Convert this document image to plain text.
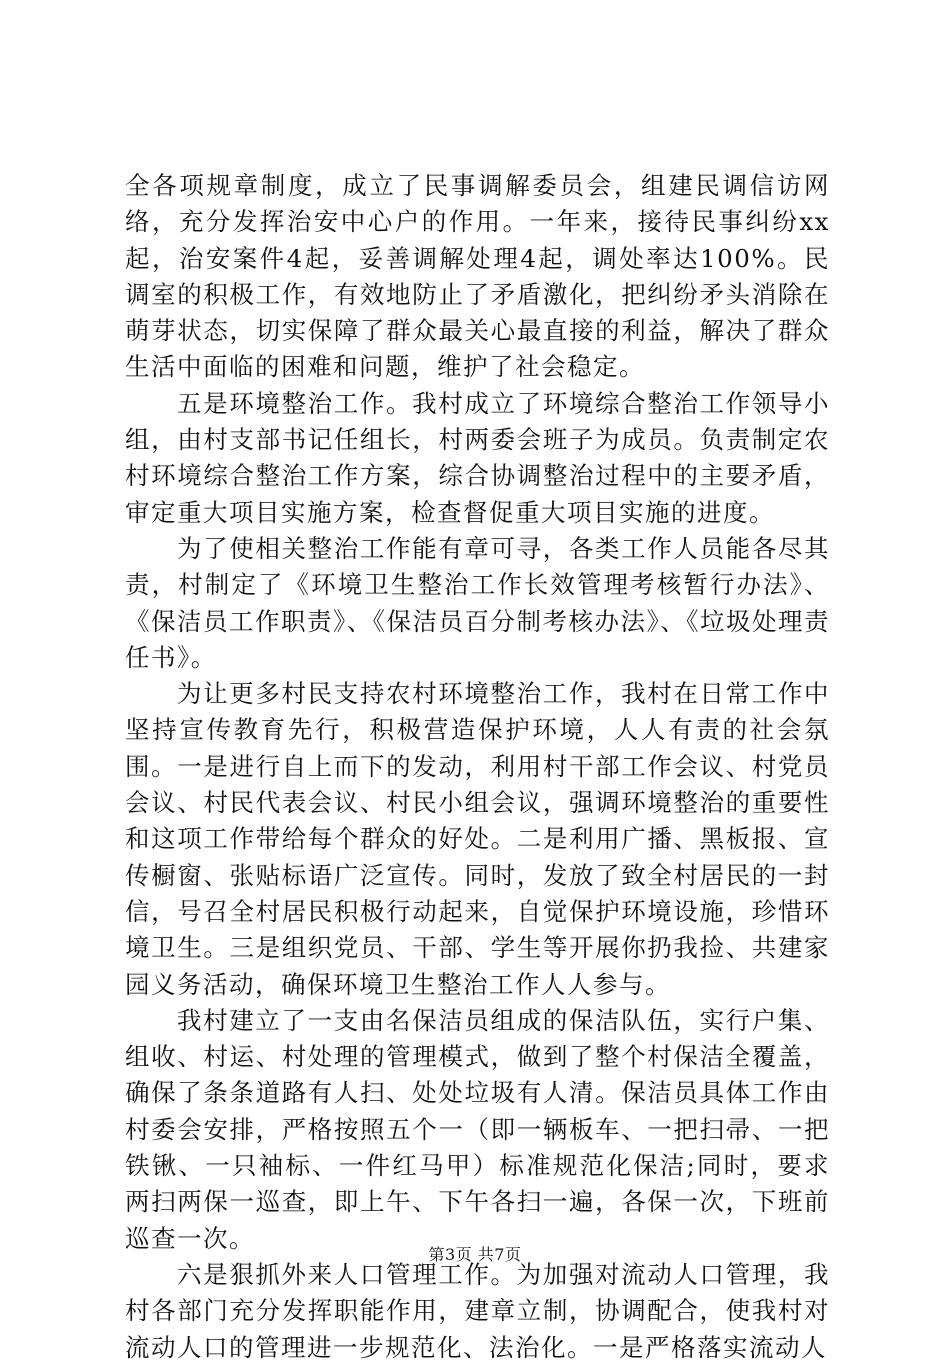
全各项规章制度，成立了民事调解委员会，组建民调信访网络，充分发挥治安中心户的作用。一年来，接待民事纠纷xx起，治安案件4起，妥善调解处理4起，调处率达100%。民调室的积极工作，有效地防止了矛盾激化，把纠纷矛头消除在萌芽状态，切实保障了群众最关心最直接的利益，解决了群众生活中面临的困难和问题，维护了社会稳定。

五是环境整治工作。我村成立了环境综合整治工作领导小组，由村支部书记任组长，村两委会班子为成员。负责制定农村环境综合整治工作方案，综合协调整治过程中的主要矛盾，审定重大项目实施方案，检查督促重大项目实施的进度。

为了使相关整治工作能有章可寻，各类工作人员能各尽其责，村制定了《环境卫生整治工作长效管理考核暂行办法》、《保洁员工作职责》、《保洁员百分制考核办法》、《垃圾处理责任书》。

为让更多村民支持农村环境整治工作，我村在日常工作中坚持宣传教育先行，积极营造保护环境，人人有责的社会氛围。一是进行自上而下的发动，利用村干部工作会议、村党员会议、村民代表会议、村民小组会议，强调环境整治的重要性和这项工作带给每个群众的好处。二是利用广播、黑板报、宣传橱窗、张贴标语广泛宣传。同时，发放了致全村居民的一封信，号召全村居民积极行动起来，自觉保护环境设施，珍惜环境卫生。三是组织党员、干部、学生等开展你扔我捡、共建家园义务活动，确保环境卫生整治工作人人参与。

我村建立了一支由名保洁员组成的保洁队伍，实行户集、组收、村运、村处理的管理模式，做到了整个村保洁全覆盖，确保了条条道路有人扫、处处垃圾有人清。保洁员具体工作由村委会安排，严格按照五个一（即一辆板车、一把扫帚、一把铁锹、一只袖标、一件红马甲）标准规范化保洁;同时，要求两扫两保一巡查，即上午、下午各扫一遍，各保一次，下班前巡查一次。

六是狠抓外来人口管理工作。为加强对流动人口管理，我村各部门充分发挥职能作用，建章立制，协调配合，使我村对流动人口的管理进一步规范化、法治化。一是严格落实流动人

第3页 共7页
